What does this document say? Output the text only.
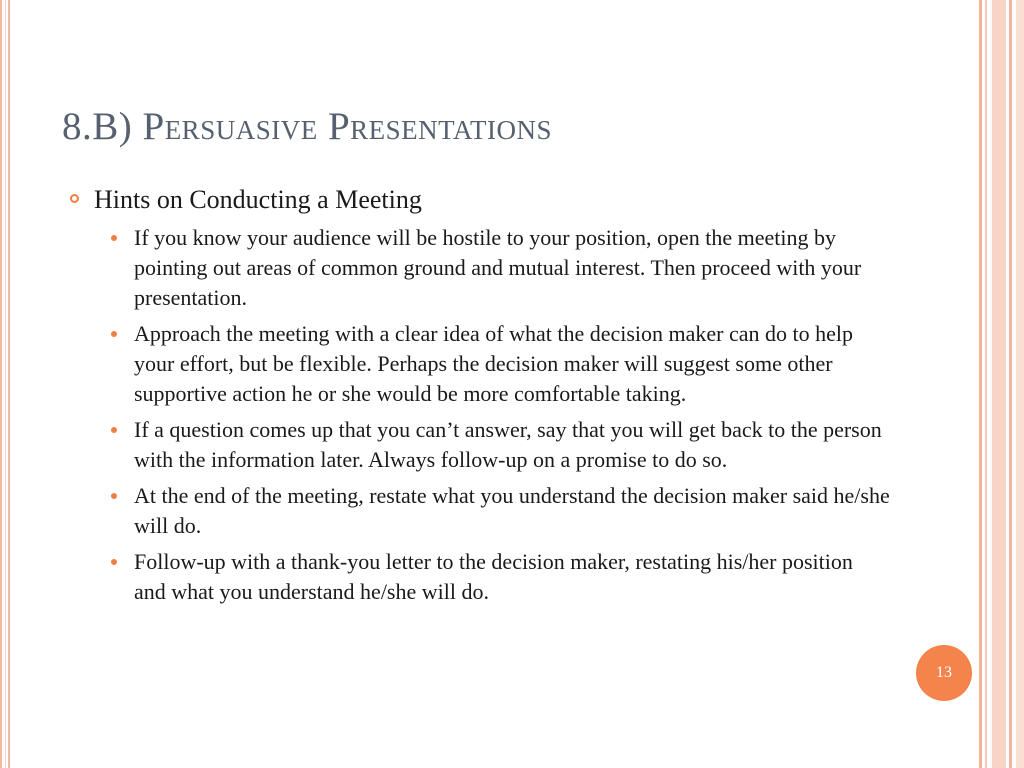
8.B) Persuasive Presentations
Hints on Conducting a Meeting
If you know your audience will be hostile to your position, open the meeting by pointing out areas of common ground and mutual interest. Then proceed with your presentation.
Approach the meeting with a clear idea of what the decision maker can do to help your effort, but be flexible. Perhaps the decision maker will suggest some other supportive action he or she would be more comfortable taking.
If a question comes up that you can’t answer, say that you will get back to the person with the information later. Always follow-up on a promise to do so.
At the end of the meeting, restate what you understand the decision maker said he/she will do.
Follow-up with a thank-you letter to the decision maker, restating his/her position and what you understand he/she will do.
13
